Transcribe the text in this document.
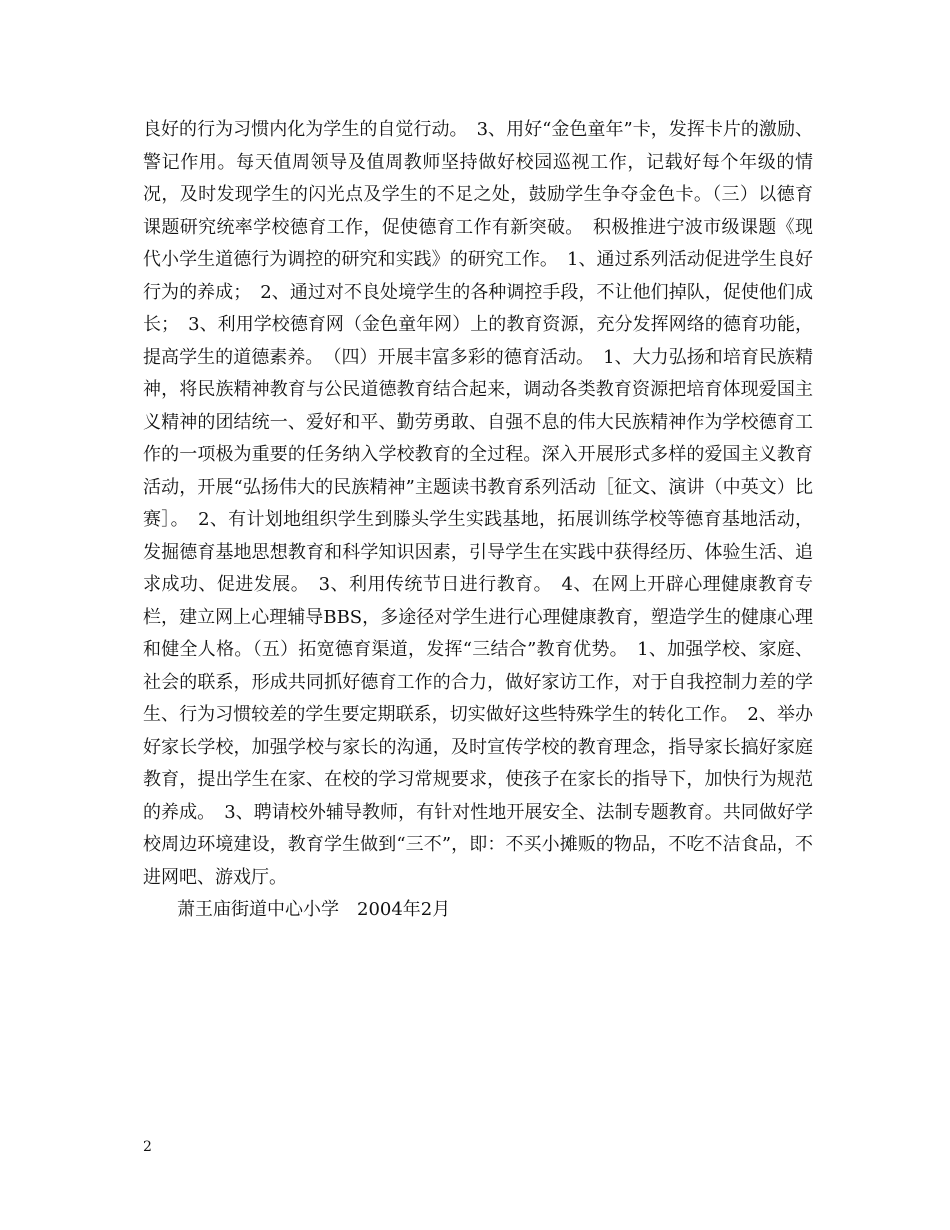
良好的行为习惯内化为学生的自觉行动。　3、用好“金色童年”卡，发挥卡片的激励、警记作用。每天值周领导及值周教师坚持做好校园巡视工作，记载好每个年级的情况，及时发现学生的闪光点及学生的不足之处，鼓励学生争夺金色卡。（三）以德育课题研究统率学校德育工作，促使德育工作有新突破。　积极推进宁波市级课题《现代小学生道德行为调控的研究和实践》的研究工作。　1、通过系列活动促进学生良好行为的养成；　2、通过对不良处境学生的各种调控手段，不让他们掉队，促使他们成长；　3、利用学校德育网（金色童年网）上的教育资源，充分发挥网络的德育功能，提高学生的道德素养。　（四）开展丰富多彩的德育活动。　1、大力弘扬和培育民族精神，将民族精神教育与公民道德教育结合起来，调动各类教育资源把培育体现爱国主义精神的团结统一、爱好和平、勤劳勇敢、自强不息的伟大民族精神作为学校德育工作的一项极为重要的任务纳入学校教育的全过程。深入开展形式多样的爱国主义教育活动，开展“弘扬伟大的民族精神”主题读书教育系列活动［征文、演讲（中英文）比赛］。　2、有计划地组织学生到滕头学生实践基地，拓展训练学校等德育基地活动，发掘德育基地思想教育和科学知识因素，引导学生在实践中获得经历、体验生活、追求成功、促进发展。　3、利用传统节日进行教育。　4、在网上开辟心理健康教育专栏，建立网上心理辅导BBS，多途径对学生进行心理健康教育，塑造学生的健康心理和健全人格。（五）拓宽德育渠道，发挥“三结合”教育优势。　1、加强学校、家庭、社会的联系，形成共同抓好德育工作的合力，做好家访工作，对于自我控制力差的学生、行为习惯较差的学生要定期联系，切实做好这些特殊学生的转化工作。　2、举办好家长学校，加强学校与家长的沟通，及时宣传学校的教育理念，指导家长搞好家庭教育，提出学生在家、在校的学习常规要求，使孩子在家长的指导下，加快行为规范的养成。　3、聘请校外辅导教师，有针对性地开展安全、法制专题教育。共同做好学校周边环境建设，教育学生做到“三不”，即：不买小摊贩的物品，不吃不洁食品，不进网吧、游戏厅。

萧王庙街道中心小学　2004年2月

2
